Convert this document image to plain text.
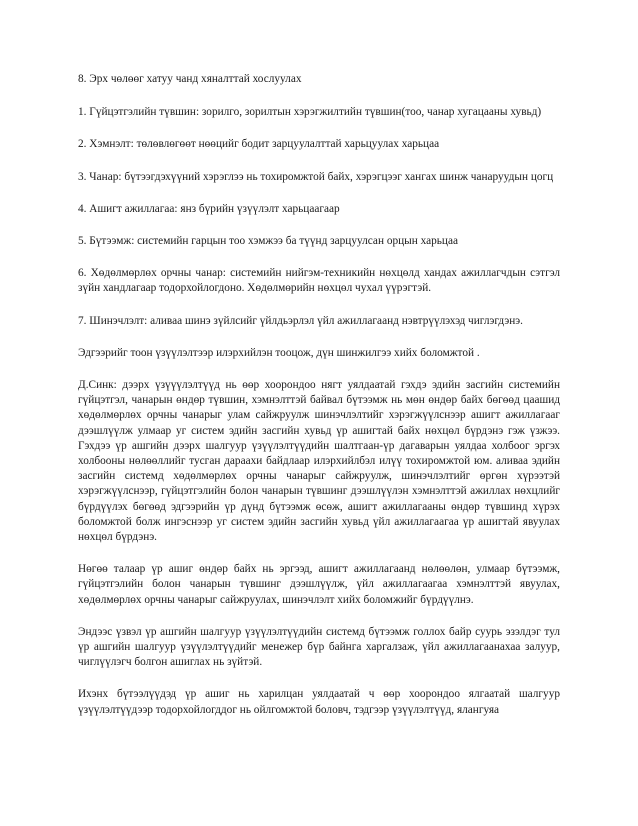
8. Эрх чөлөөг хатуу чанд хяналттай хослуулах

1. Гүйцэтгэлийн түвшин: зорилго, зорилтын хэрэгжилтийн түвшин(тоо, чанар хугацааны хувьд)

2. Хэмнэлт: төлөвлөгөөт нөөцийг бодит зарцуулалттай харьцуулах харьцаа

3. Чанар: бүтээгдэхүүний хэрэглээ нь тохиромжтой байх, хэрэгцээг хангах шинж чанаруудын цогц

4. Ашигт ажиллагаа: янз бүрийн үзүүлэлт харьцаагаар

5. Бүтээмж: системийн гарцын тоо хэмжээ ба түүнд зарцуулсан орцын харьцаа

6. Хөдөлмөрлөх орчны чанар: системийн нийгэм-техникийн нөхцөлд хандах ажиллагчдын сэтгэл зүйн хандлагаар тодорхойлогдоно. Хөдөлмөрийн нөхцөл чухал үүрэгтэй.

7. Шинэчлэлт: аливаа шинэ зүйлсийг үйлдьэрлэл үйл ажиллагаанд нэвтрүүлэхэд чиглэгдэнэ.

Эдгээрийг тоон үзүүлэлтээр илэрхийлэн тооцож, дүн шинжилгээ хийх боломжтой .

Д.Синк: дээрх үзүүүлэлтүүд нь өөр хоорондоо нягт уялдаатай гэхдэ эдийн засгийн системийн гүйцэтгэл, чанарын өндөр түвшин, хэмнэлттэй байвал бүтээмж нь мөн өндөр байх бөгөөд цаашид хөдөлмөрлөх орчны чанарыг улам сайжруулж шинэчлэлтийг хэрэгжүүлснээр ашигт ажиллагааг дээшлүүлж улмаар уг систем эдийн засгийн хувьд үр ашигтай байх нөхцөл бүрдэнэ гэж үзжээ. Гэхдээ үр ашгийн дээрх шалгуур үзүүлэлтүүдийн шалтгаан-үр дагаварын уялдаа холбоог эргэх холбооны нөлөөллийг тусган дараахи байдлаар илэрхийлбэл илүү тохиромжтой юм. аливаа эдийн засгийн системд хөдөлмөрлөх орчны чанарыг сайжруулж, шинэчлэлтийг өргөн хүрээтэй хэрэгжүүлснээр, гүйцэтгэлийн болон чанарын түвшинг дээшлүүлэн хэмнэлттэй ажиллах нөхцлийг бүрдүүлэх бөгөөд эдгээрийн үр дүнд бүтээмж өсөж, ашигт ажиллагааны өндөр түвшинд хүрэх боломжтой болж ингэснээр уг систем эдийн засгийн хувьд үйл ажиллагаагаа үр ашигтай явуулах нөхцөл бүрдэнэ.

Нөгөө талаар үр ашиг өндөр байх нь эргээд, ашигт ажиллагаанд нөлөөлөн, улмаар бүтээмж, гүйцэтгэлийн болон чанарын түвшинг дээшлүүлж, үйл ажиллагаагаа хэмнэлттэй явуулах, хөдөлмөрлөх орчны чанарыг сайжруулах, шинэчлэлт хийх боломжийг бүрдүүлнэ.

Эндээс үзвэл үр ашгийн шалгуур үзүүлэлтүүдийн системд бүтээмж голлох байр суурь эзэлдэг тул үр ашгийн шалгуур үзүүлэлтүүдийг менежер бүр байнга харгалзаж, үйл ажиллагаанахаа залуур, чиглүүлэгч болгон ашиглах нь зүйтэй.

Ихэнх бүтээлүүдэд үр ашиг нь харилцан уялдаатай ч өөр хоорондоо ялгаатай шалгуур үзүүлэлтүүдээр тодорхойлогддог нь ойлгомжтой боловч, тэдгээр үзүүлэлтүүд, ялангуяа
